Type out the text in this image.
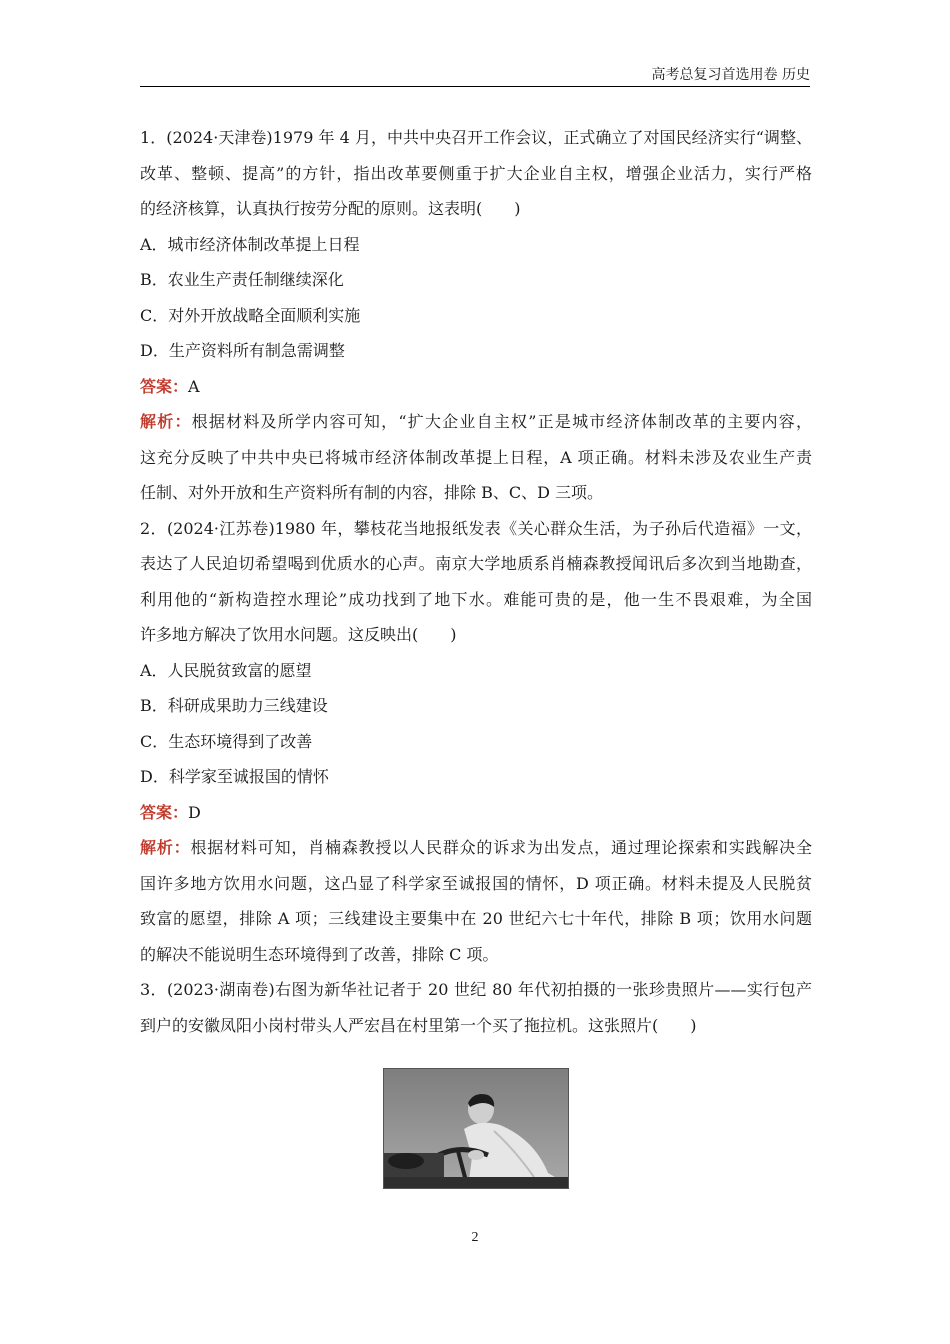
高考总复习首选用卷 历史
1．(2024·天津卷)1979 年 4 月，中共中央召开工作会议，正式确立了对国民经济实行“调整、
改革、整顿、提高”的方针，指出改革要侧重于扩大企业自主权，增强企业活力，实行严格
的经济核算，认真执行按劳分配的原则。这表明(　　)
A．城市经济体制改革提上日程
B．农业生产责任制继续深化
C．对外开放战略全面顺利实施
D．生产资料所有制急需调整
答案：A
解析：根据材料及所学内容可知，“扩大企业自主权”正是城市经济体制改革的主要内容，
这充分反映了中共中央已将城市经济体制改革提上日程，A 项正确。材料未涉及农业生产责
任制、对外开放和生产资料所有制的内容，排除 B、C、D 三项。
2．(2024·江苏卷)1980 年，攀枝花当地报纸发表《关心群众生活，为子孙后代造福》一文，
表达了人民迫切希望喝到优质水的心声。南京大学地质系肖楠森教授闻讯后多次到当地勘查，
利用他的“新构造控水理论”成功找到了地下水。难能可贵的是，他一生不畏艰难，为全国
许多地方解决了饮用水问题。这反映出(　　)
A．人民脱贫致富的愿望
B．科研成果助力三线建设
C．生态环境得到了改善
D．科学家至诚报国的情怀
答案：D
解析：根据材料可知，肖楠森教授以人民群众的诉求为出发点，通过理论探索和实践解决全
国许多地方饮用水问题，这凸显了科学家至诚报国的情怀，D 项正确。材料未提及人民脱贫
致富的愿望，排除 A 项；三线建设主要集中在 20 世纪六七十年代，排除 B 项；饮用水问题
的解决不能说明生态环境得到了改善，排除 C 项。
3．(2023·湖南卷)右图为新华社记者于 20 世纪 80 年代初拍摄的一张珍贵照片——实行包产
到户的安徽凤阳小岗村带头人严宏昌在村里第一个买了拖拉机。这张照片(　　)
2
